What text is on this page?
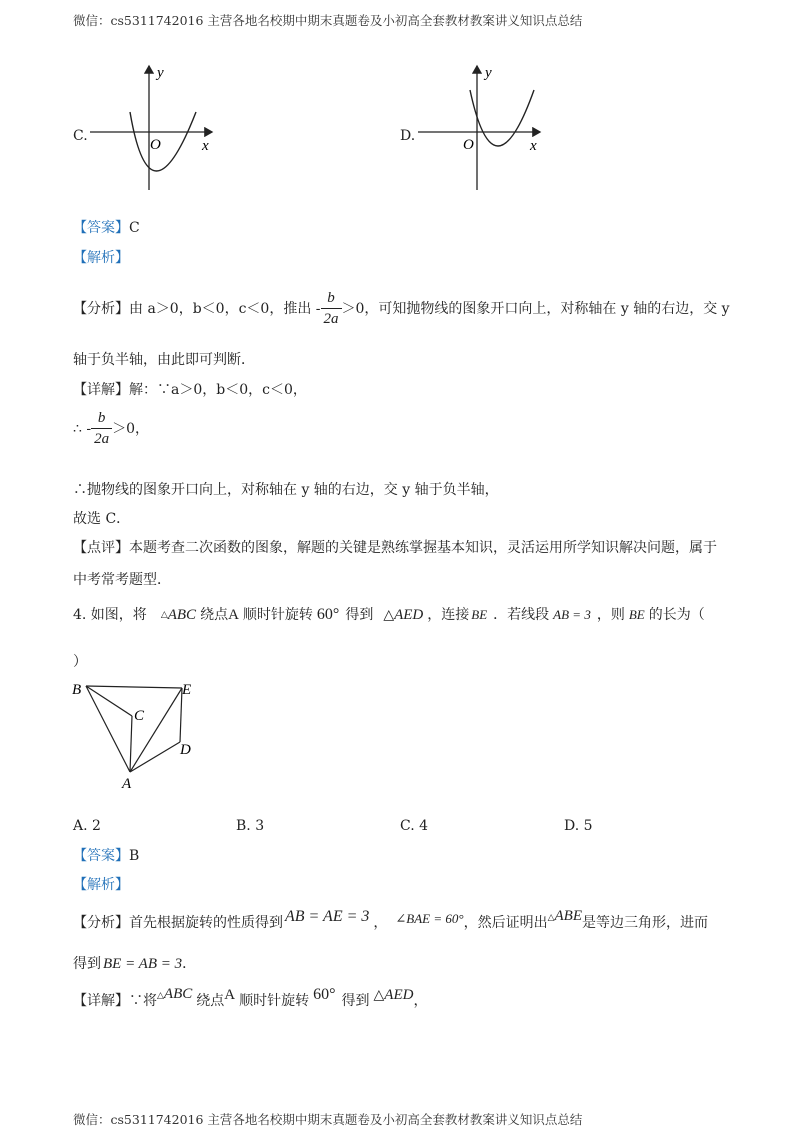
微信：cs5311742016 主营各地名校期中期末真题卷及小初高全套教材教案讲义知识点总结
C.
y
x
O
D.
y
x
O
【答案】C
【解析】
【分析】 由 a＞0，b＜0，c＜0，推出 - $\frac{b}{2a} >0$，可知抛物线的图象开口向上，对称轴在 y 轴的右边，交 y
轴于负半轴，由此即可判断．
【详解】解：∵a＞0，b＜0，c＜0，
∴ - $\frac{b}{2a} >0$，
∴抛物线的图象开口向上，对称轴在 y 轴的右边，交 y 轴于负半轴，
故选 C．
【点评】本题考查二次函数的图象，解题的关键是熟练掌握基本知识，灵活运用所学知识解决问题，属于
中考常考题型．
4. 如图，将 △ABC 绕点 A 顺时针旋转 60° 得到 △AED ，连接 BE ．若线段 AB = 3 ，则 BE 的长为（
）
B	E
C
D
A
A. 2	B. 3	C. 4	D. 5
【答案】B
【解析】
【分析】 首先根据旋转的性质得到 AB = AE = 3 ， ∠BAE = 60° ，然后证明出 △ABE 是等边三角形，进而
得到 BE = AB = 3 ．
【详解】 ∵将 △ABC 绕点 A 顺时针旋转 60° 得到 △AED ，
微信：cs5311742016 主营各地名校期中期末真题卷及小初高全套教材教案讲义知识点总结
